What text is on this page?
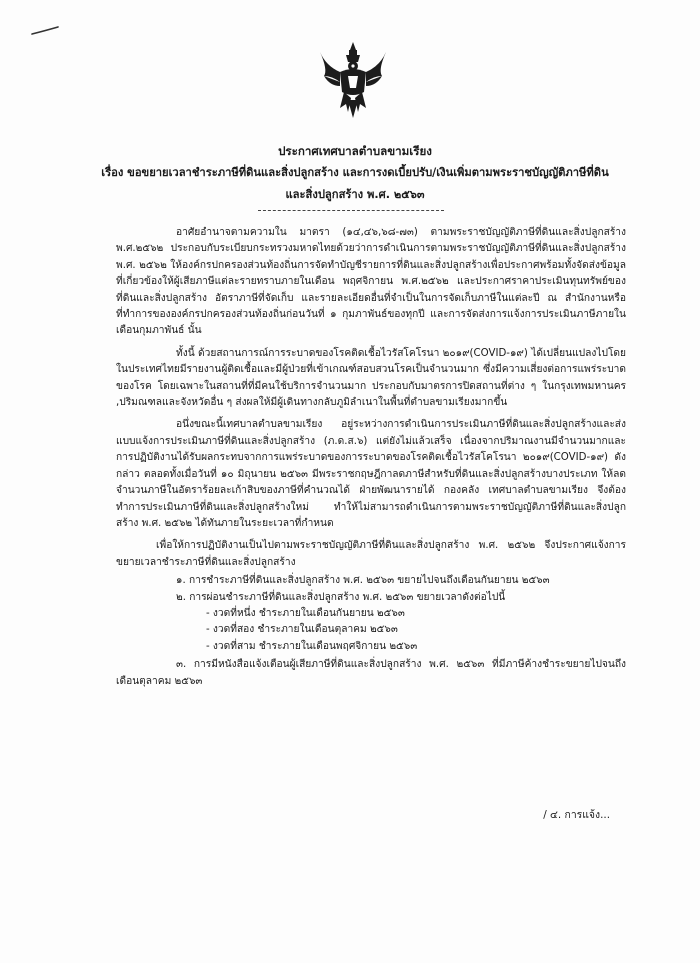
ประกาศเทศบาลตำบลขามเรียง
เรื่อง ขอขยายเวลาชำระภาษีที่ดินและสิ่งปลูกสร้าง และการงดเบี้ยปรับ/เงินเพิ่มตามพระราชบัญญัติภาษีที่ดิน
และสิ่งปลูกสร้าง พ.ศ. ๒๕๖๓

อาศัยอำนาจตามความใน มาตรา (๑๔,๔๖,๖๘-๗๓) ตามพระราชบัญญัติภาษีที่ดินและสิ่งปลูกสร้าง พ.ศ.๒๕๖๒ ประกอบกับระเบียบกระทรวงมหาดไทยด้วยว่าการดำเนินการตามพระราชบัญญัติภาษีที่ดินและสิ่งปลูกสร้าง พ.ศ. ๒๕๖๒ ให้องค์กรปกครองส่วนท้องถิ่นการจัดทำบัญชีรายการที่ดินและสิ่งปลูกสร้างเพื่อประกาศพร้อมทั้งจัดส่งข้อมูลที่เกี่ยวข้องให้ผู้เสียภาษีแต่ละรายทราบภายในเดือน พฤศจิกายน พ.ศ.๒๕๖๒ และประกาศราคาประเมินทุนทรัพย์ของที่ดินและสิ่งปลูกสร้าง อัตราภาษีที่จัดเก็บ และรายละเอียดอื่นที่จำเป็นในการจัดเก็บภาษีในแต่ละปี ณ สำนักงานหรือที่ทำการขององค์กรปกครองส่วนท้องถิ่นก่อนวันที่ ๑ กุมภาพันธ์ของทุกปี และการจัดส่งการแจ้งการประเมินภาษีภายในเดือนกุมภาพันธ์ นั้น

ทั้งนี้ ด้วยสถานการณ์การระบาดของโรคติดเชื้อไวรัสโคโรนา ๒๐๑๙(COVID-๑๙) ได้เปลี่ยนแปลงไปโดยในประเทศไทยมีรายงานผู้ติดเชื้อและมีผู้ป่วยที่เข้าเกณฑ์สอบสวนโรคเป็นจำนวนมาก ซึ่งมีความเสี่ยงต่อการแพร่ระบาดของโรค โดยเฉพาะในสถานที่ที่มีคนใช้บริการจำนวนมาก ประกอบกับมาตรการปิดสถานที่ต่าง ๆ ในกรุงเทพมหานคร ,ปริมณฑลและจังหวัดอื่น ๆ ส่งผลให้มีผู้เดินทางกลับภูมิลำเนาในพื้นที่ตำบลขามเรียงมากขึ้น

อนึ่งขณะนี้เทศบาลตำบลขามเรียง อยู่ระหว่างการดำเนินการประเมินภาษีที่ดินและสิ่งปลูกสร้างและส่งแบบแจ้งการประเมินภาษีที่ดินและสิ่งปลูกสร้าง (ภ.ด.ส.๖) แต่ยังไม่แล้วเสร็จ เนื่องจากปริมาณงานมีจำนวนมากและการปฏิบัติงานได้รับผลกระทบจากการแพร่ระบาดของการระบาดของโรคติดเชื้อไวรัสโคโรนา ๒๐๑๙(COVID-๑๙) ดังกล่าว ตลอดทั้งเมื่อวันที่ ๑๐ มิถุนายน ๒๕๖๓ มีพระราชกฤษฎีกาลดภาษีสำหรับที่ดินและสิ่งปลูกสร้างบางประเภท ให้ลดจำนวนภาษีในอัตราร้อยละเก้าสิบของภาษีที่คำนวณได้ ฝ่ายพัฒนารายได้ กองคลัง เทศบาลตำบลขามเรียง จึงต้องทำการประเมินภาษีที่ดินและสิ่งปลูกสร้างใหม่ ทำให้ไม่สามารถดำเนินการตามพระราชบัญญัติภาษีที่ดินและสิ่งปลูกสร้าง พ.ศ. ๒๕๖๒ ได้ทันภายในระยะเวลาที่กำหนด

เพื่อให้การปฏิบัติงานเป็นไปตามพระราชบัญญัติภาษีที่ดินและสิ่งปลูกสร้าง พ.ศ. ๒๕๖๒ จึงประกาศแจ้งการขยายเวลาชำระภาษีที่ดินและสิ่งปลูกสร้าง

๑. การชำระภาษีที่ดินและสิ่งปลูกสร้าง พ.ศ. ๒๕๖๓ ขยายไปจนถึงเดือนกันยายน ๒๕๖๓

๒. การผ่อนชำระภาษีที่ดินและสิ่งปลูกสร้าง พ.ศ. ๒๕๖๓ ขยายเวลาดังต่อไปนี้

- งวดที่หนึ่ง ชำระภายในเดือนกันยายน ๒๕๖๓

- งวดที่สอง ชำระภายในเดือนตุลาคม ๒๕๖๓

- งวดที่สาม ชำระภายในเดือนพฤศจิกายน ๒๕๖๓

๓. การมีหนังสือแจ้งเตือนผู้เสียภาษีที่ดินและสิ่งปลูกสร้าง พ.ศ. ๒๕๖๓ ที่มีภาษีค้างชำระขยายไปจนถึงเดือนตุลาคม ๒๕๖๓

/ ๔. การแจ้ง...
